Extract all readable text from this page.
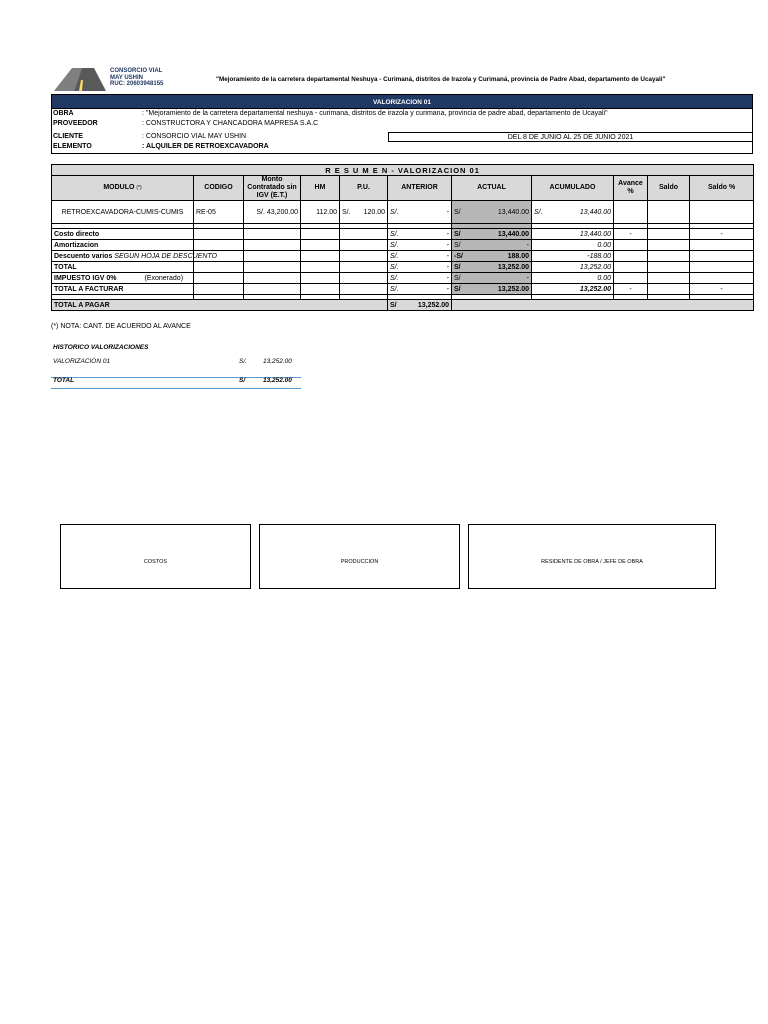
CONSORCIO VIAL
MAY USHIN
RUC: 20603948155
"Mejoramiento de la carretera departamental Neshuya - Curimaná, distritos de Irazola y Curimaná, provincia de Padre Abad, departamento de Ucayali"
VALORIZACION 01
OBRA	: "Mejoramiento de la carretera departamental neshuya - curimana, distritos de irazola y curimana, provincia de padre abad, departamento de Ucayali"
PROVEEDOR	: CONSTRUCTORA Y CHANCADORA MAPRESA S.A.C
CLIENTE	: CONSORCIO VIAL MAY USHIN	DEL 8 DE JUNIO AL 25 DE JUNIO 2021
ELEMENTO	: ALQUILER DE RETROEXCAVADORA
R E S U M E N - VALORIZACION 01										
MODULO (*)	CODIGO	Monto Contratado sin IGV (E.T.)	HM	P.U.	ANTERIOR	ACTUAL	ACUMULADO	Avance %	Saldo	Saldo %
RETROEXCAVADORA-CUMIS-CUMIS	RE-05	S/. 43,200.00	112.00	S/. 120.00	S/. -	S/ 13,440.00	S/. 13,440.00			

Costo directo					S/. -	S/ 13,440.00	13,440.00	-		-
Amortizacion					S/. -	S/ -	0.00			
Descuento varios SEGUN HOJA DE DESCUENTO					S/. -	-S/ 188.00	-188.00			
TOTAL					S/. -	S/ 13,252.00	13,252.00			
IMPUESTO IGV 0% (Exonerado)					S/. -	S/ -	0.00			
TOTAL A FACTURAR					S/. -	S/ 13,252.00	13,252.00	-		-

TOTAL A PAGAR					S/ 13,252.00					
(*) NOTA: CANT. DE ACUERDO AL AVANCE
HISTORICO VALORIZACIONES
VALORIZACION 01	S/. 13,252.00
TOTAL	S/	13,252.00
COSTOS	PRODUCCION	RESIDENTE DE OBRA / JEFE DE OBRA
